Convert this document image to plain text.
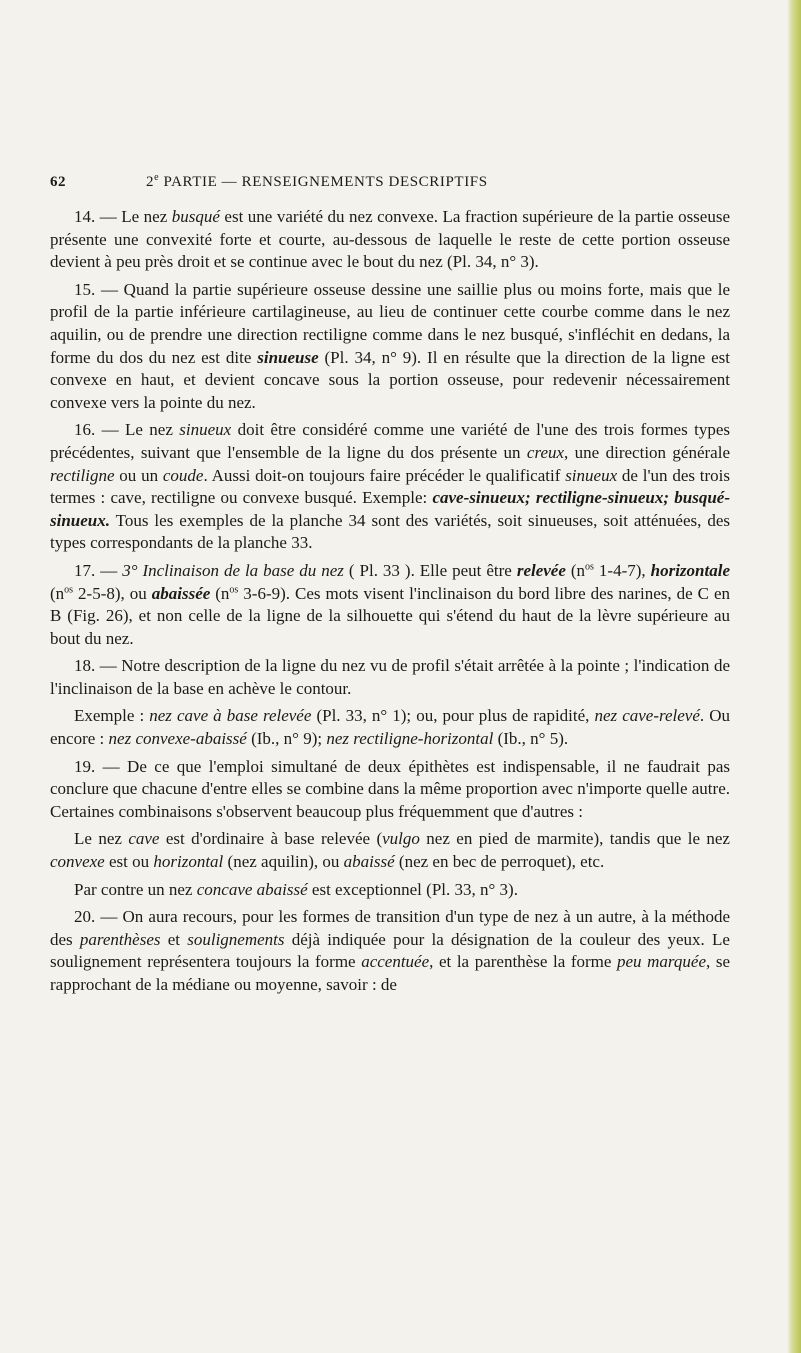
62	2e PARTIE — RENSEIGNEMENTS DESCRIPTIFS

14. — Le nez busqué est une variété du nez convexe. La fraction supérieure de la partie osseuse présente une convexité forte et courte, au-dessous de laquelle le reste de cette portion osseuse devient à peu près droit et se continue avec le bout du nez (Pl. 34, n° 3).

15. — Quand la partie supérieure osseuse dessine une saillie plus ou moins forte, mais que le profil de la partie inférieure cartilagineuse, au lieu de continuer cette courbe comme dans le nez aquilin, ou de prendre une direction rectiligne comme dans le nez busqué, s'infléchit en dedans, la forme du dos du nez est dite sinueuse (Pl. 34, n° 9). Il en résulte que la direction de la ligne est convexe en haut, et devient concave sous la portion osseuse, pour redevenir nécessairement convexe vers la pointe du nez.

16. — Le nez sinueux doit être considéré comme une variété de l'une des trois formes types précédentes, suivant que l'ensemble de la ligne du dos présente un creux, une direction générale rectiligne ou un coude. Aussi doit-on toujours faire précéder le qualificatif sinueux de l'un des trois termes : cave, rectiligne ou convexe busqué. Exemple: cave-sinueux; rectiligne-sinueux; busqué-sinueux. Tous les exemples de la planche 34 sont des variétés, soit sinueuses, soit atténuées, des types correspondants de la planche 33.

17. — 3° Inclinaison de la base du nez ( Pl. 33 ). Elle peut être relevée ($n^{os}$ 1-4-7), horizontale ($n^{os}$ 2-5-8), ou abaissée ($n^{os}$ 3-6-9). Ces mots visent l'inclinaison du bord libre des narines, de C en B (Fig. 26), et non celle de la ligne de la silhouette qui s'étend du haut de la lèvre supérieure au bout du nez.

18. — Notre description de la ligne du nez vu de profil s'était arrêtée à la pointe ; l'indication de l'inclinaison de la base en achève le contour.

Exemple : nez cave à base relevée (Pl. 33, n° 1); ou, pour plus de rapidité, nez cave-relevé. Ou encore : nez convexe-abaissé (Ib., n° 9); nez rectiligne-horizontal (Ib., n° 5).

19. — De ce que l'emploi simultané de deux épithètes est indispensable, il ne faudrait pas conclure que chacune d'entre elles se combine dans la même proportion avec n'importe quelle autre. Certaines combinaisons s'observent beaucoup plus fréquemment que d'autres :

Le nez cave est d'ordinaire à base relevée (vulgo nez en pied de marmite), tandis que le nez convexe est ou horizontal (nez aquilin), ou abaissé (nez en bec de perroquet), etc.

Par contre un nez concave abaissé est exceptionnel (Pl. 33, n° 3).

20. — On aura recours, pour les formes de transition d'un type de nez à un autre, à la méthode des parenthèses et soulignements déjà indiquée pour la désignation de la couleur des yeux. Le soulignement représentera toujours la forme accentuée, et la parenthèse la forme peu marquée, se rapprochant de la médiane ou moyenne, savoir : de
